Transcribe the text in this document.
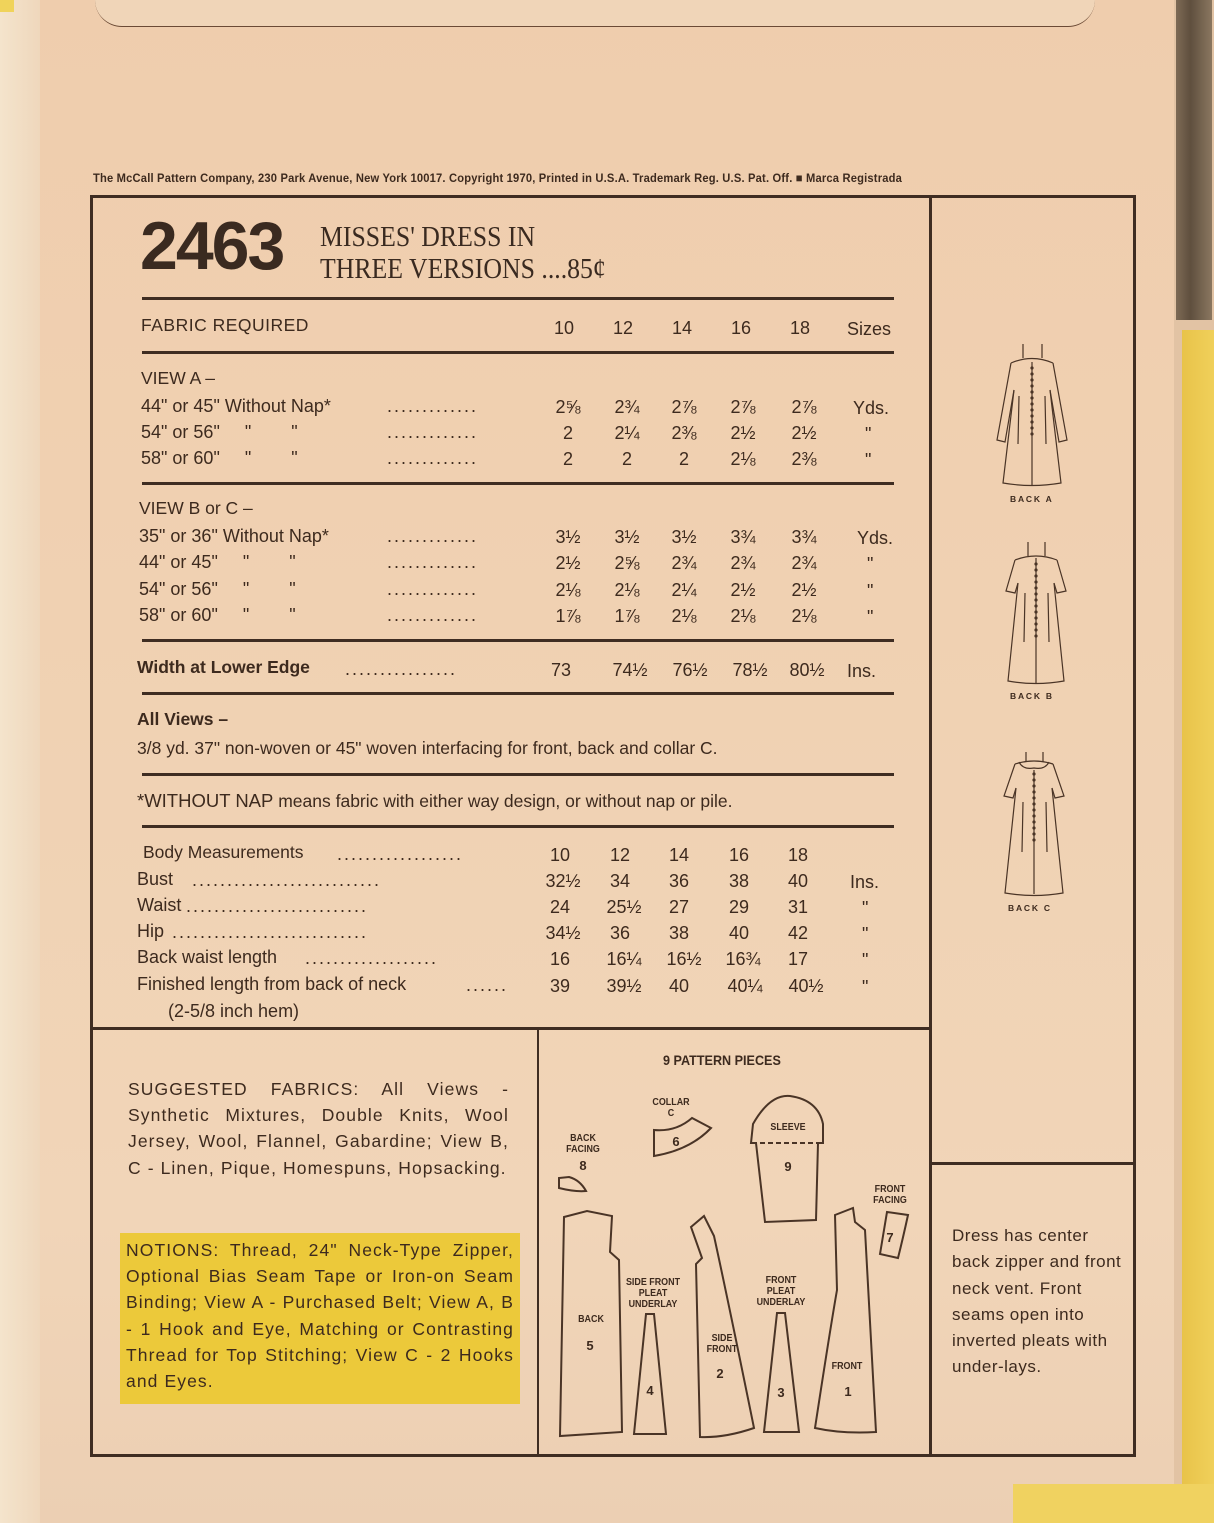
The McCall Pattern Company, 230 Park Avenue, New York 10017. Copyright 1970, Printed in U.S.A. Trademark Reg. U.S. Pat. Off. ■ Marca Registrada
2463 MISSES' DRESS IN
THREE VERSIONS ....85¢
FABRIC REQUIRED	10	12	14	16	18	Sizes
VIEW A –
44" or 45" Without Nap*	.............	2⅝	2¾	2⅞	2⅞	2⅞	Yds.
54" or 56"     "        "	.............	2	2¼	2⅜	2½	2½	"
58" or 60"     "        "	.............	2	2	2	2⅛	2⅜	"
VIEW B or C –
35" or 36" Without Nap*	.............	3½	3½	3½	3¾	3¾	Yds.
44" or 45"     "        "	.............	2½	2⅝	2¾	2¾	2¾	"
54" or 56"     "        "	.............	2⅛	2⅛	2¼	2½	2½	"
58" or 60"     "        "	.............	1⅞	1⅞	2⅛	2⅛	2⅛	"
Width at Lower Edge ................	73	74½	76½	78½	80½	Ins.
All Views –
3/8 yd. 37" non-woven or 45" woven interfacing for front, back and collar C.
*WITHOUT NAP means fabric with either way design, or without nap or pile.
Body Measurements ..................	10	12	14	16	18
Bust ...........................	32½	34	36	38	40	Ins.
Waist ..........................	24	25½	27	29	31	"
Hip ............................	34½	36	38	40	42	"
Back waist length ...................	16	16¼	16½	16¾	17	"
Finished length from back of neck	......	39	39½	40	40¼	40½	"
(2-5/8 inch hem)
SUGGESTED FABRICS: All Views - Synthetic Mixtures, Double Knits, Wool Jersey, Wool, Flannel, Gabardine; View B, C - Linen, Pique, Homespuns, Hopsacking.
NOTIONS: Thread, 24" Neck-Type Zipper, Optional Bias Seam Tape or Iron-on Seam Binding; View A - Purchased Belt; View A, B - 1 Hook and Eye, Matching or Contrasting Thread for Top Stitching; View C - 2 Hooks and Eyes.
9 PATTERN PIECES
COLLAR
C
6
BACK
FACING
8
SLEEVE
9
FRONT
FACING
7
BACK
5
SIDE FRONT
PLEAT
UNDERLAY
4
SIDE
FRONT
2
FRONT
PLEAT
UNDERLAY
3
FRONT
1
BACK A
BACK B
BACK C
Dress has center back zipper and front neck vent. Front seams open into inverted pleats with under-lays.
